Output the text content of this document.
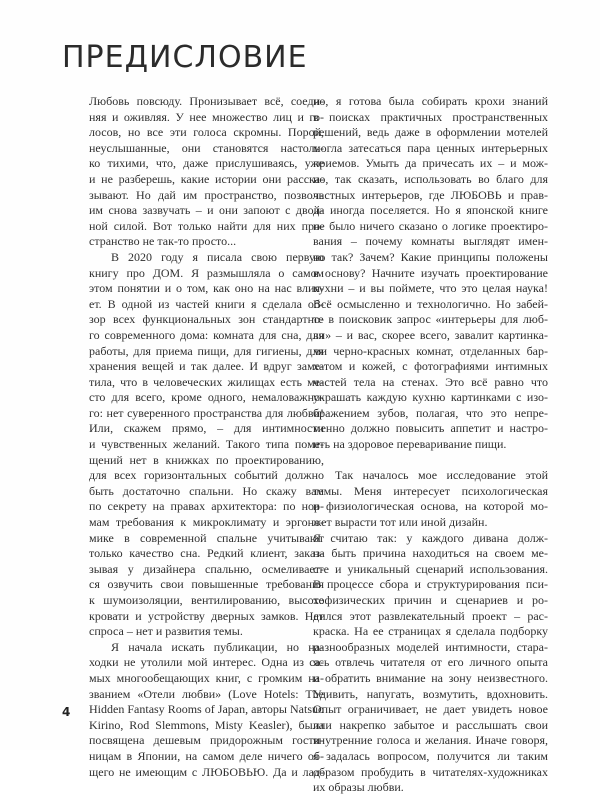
ПРЕДИСЛОВИЕ
Любовь повсюду. Пронизывает всё, соеди-
няя и оживляя. У нее множество лиц и го-
лосов, но все эти голоса скромны. Порой,
неуслышанные, они становятся настоль-
ко тихими, что, даже прислушиваясь, уже
и не разберешь, какие истории они расска-
зывают. Но дай им пространство, позволь
им снова зазвучать – и они запоют с двой-
ной силой. Вот только найти для них про-
странство не так-то просто...
В 2020 году я писала свою первую
книгу про ДОМ. Я размышляла о самом
этом понятии и о том, как оно на нас влия-
ет. В одной из частей книги я сделала об-
зор всех функциональных зон стандартно-
го современного дома: комната для сна, для
работы, для приема пищи, для гигиены, для
хранения вещей и так далее. И вдруг заме-
тила, что в человеческих жилищах есть ме-
сто для всего, кроме одного, немаловажно-
го: нет суверенного пространства для любви!
Или, скажем прямо, – для интимности
и чувственных желаний. Такого типа поме-
щений нет в книжках по проектированию,
для всех горизонтальных событий должно
быть достаточно спальни. Но скажу вам
по секрету на правах архитектора: по нор-
мам требования к микроклимату и эргоно-
мике в современной спальне учитывают
только качество сна. Редкий клиент, заказ-
зывая у дизайнера спальню, осмеливает-
ся озвучить свои повышенные требования
к шумоизоляции, вентилированию, высоте
кровати и устройству дверных замков. Нет
спроса – нет и развития темы.
Я начала искать публикации, но на-
ходки не утолили мой интерес. Одна из са-
мых многообещающих книг, с громким на-
званием «Отели любви» (Love Hotels: The
Hidden Fantasy Rooms of Japan, авторы Natsuo
Kirino, Rod Slemmons, Misty Keasler), была
посвящена дешевым придорожным гости-
ницам в Японии, на самом деле ничего об-
щего не имеющим с ЛЮБОВЬЮ. Да и лад-
но, я готова была собирать крохи знаний
в поисках практичных пространственных
решений, ведь даже в оформлении мотелей
могла затесаться пара ценных интерьерных
приемов. Умыть да причесать их – и мож-
но, так сказать, использовать во благо для
частных интерьеров, где ЛЮБОВЬ и прав-
да иногда поселяется. Но я японской книге
не было ничего сказано о логике проектиро-
вания – почему комнаты выглядят имен-
но так? Зачем? Какие принципы положены
в основу? Начните изучать проектирование
кухни – и вы поймете, что это целая наука!
Всё осмысленно и технологично. Но забей-
те в поисковик запрос «интерьеры для люб-
ви» – и вас, скорее всего, завалит картинка-
ми черно-красных комнат, отделанных бар-
хатом и кожей, с фотографиями интимных
частей тела на стенах. Это всё равно что
украшать каждую кухню картинками с изо-
бражением зубов, полагая, что это непре-
менно должно повысить аппетит и настро-
ить на здоровое переваривание пищи.

Так началось мое исследование этой
темы. Меня интересует психологическая
и физиологическая основа, на которой мо-
жет вырасти тот или иной дизайн.
Я считаю так: у каждого дивана долж-
на быть причина находиться на своем ме-
сте и уникальный сценарий использования.
В процессе сбора и структурирования пси-
хофизических причин и сценариев и ро-
дился этот развлекательный проект – рас-
краска. На ее страницах я сделала подборку
разнообразных моделей интимности, стара-
ясь отвлечь читателя от его личного опыта
и обратить внимание на зону неизвестного.
Удивить, напугать, возмутить, вдохновить.
Опыт ограничивает, не дает увидеть новое
или накрепко забытое и расслышать свои
внутренние голоса и желания. Иначе говоря,
я задалась вопросом, получится ли таким
образом пробудить в читателях-художниках
их образы любви.
4
